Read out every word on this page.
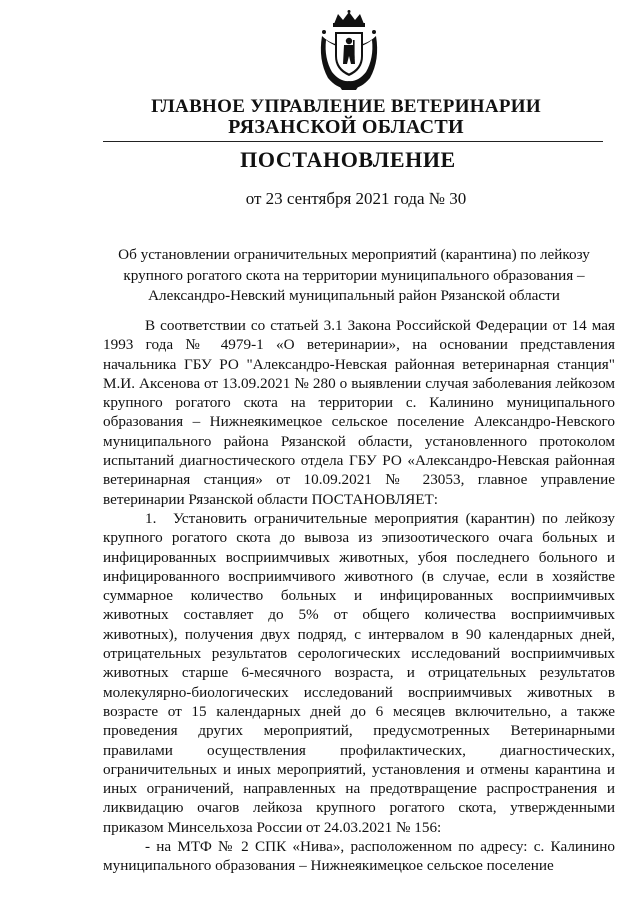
ГЛАВНОЕ УПРАВЛЕНИЕ ВЕТЕРИНАРИИ
РЯЗАНСКОЙ ОБЛАСТИ
ПОСТАНОВЛЕНИЕ
от 23 сентября 2021 года № 30
Об установлении ограничительных мероприятий (карантина) по лейкозу
крупного рогатого скота на территории муниципального образования –
Александро-Невский муниципальный район Рязанской области

В соответствии со статьей 3.1 Закона Российской Федерации от 14 мая 1993 года № 4979-1 «О ветеринарии», на основании представления начальника ГБУ РО "Александро-Невская районная ветеринарная станция" М.И. Аксенова от 13.09.2021 № 280 о выявлении случая заболевания лейкозом крупного рогатого скота на территории с. Калинино муниципального образования – Нижнеякимецкое сельское поселение Александро-Невского муниципального района Рязанской области, установленного протоколом испытаний диагностического отдела ГБУ РО «Александро-Невская районная ветеринарная станция» от 10.09.2021 № 23053, главное управление ветеринарии Рязанской области ПОСТАНОВЛЯЕТ:

1. Установить ограничительные мероприятия (карантин) по лейкозу крупного рогатого скота до вывоза из эпизоотического очага больных и инфицированных восприимчивых животных, убоя последнего больного и инфицированного восприимчивого животного (в случае, если в хозяйстве суммарное количество больных и инфицированных восприимчивых животных составляет до 5% от общего количества восприимчивых животных), получения двух подряд, с интервалом в 90 календарных дней, отрицательных результатов серологических исследований восприимчивых животных старше 6-месячного возраста, и отрицательных результатов молекулярно-биологических исследований восприимчивых животных в возрасте от 15 календарных дней до 6 месяцев включительно, а также проведения других мероприятий, предусмотренных Ветеринарными правилами осуществления профилактических, диагностических, ограничительных и иных мероприятий, установления и отмены карантина и иных ограничений, направленных на предотвращение распространения и ликвидацию очагов лейкоза крупного рогатого скота, утвержденными приказом Минсельхоза России от 24.03.2021 № 156:

- на МТФ № 2 СПК «Нива», расположенном по адресу: с. Калинино муниципального образования – Нижнеякимецкое сельское поселение
